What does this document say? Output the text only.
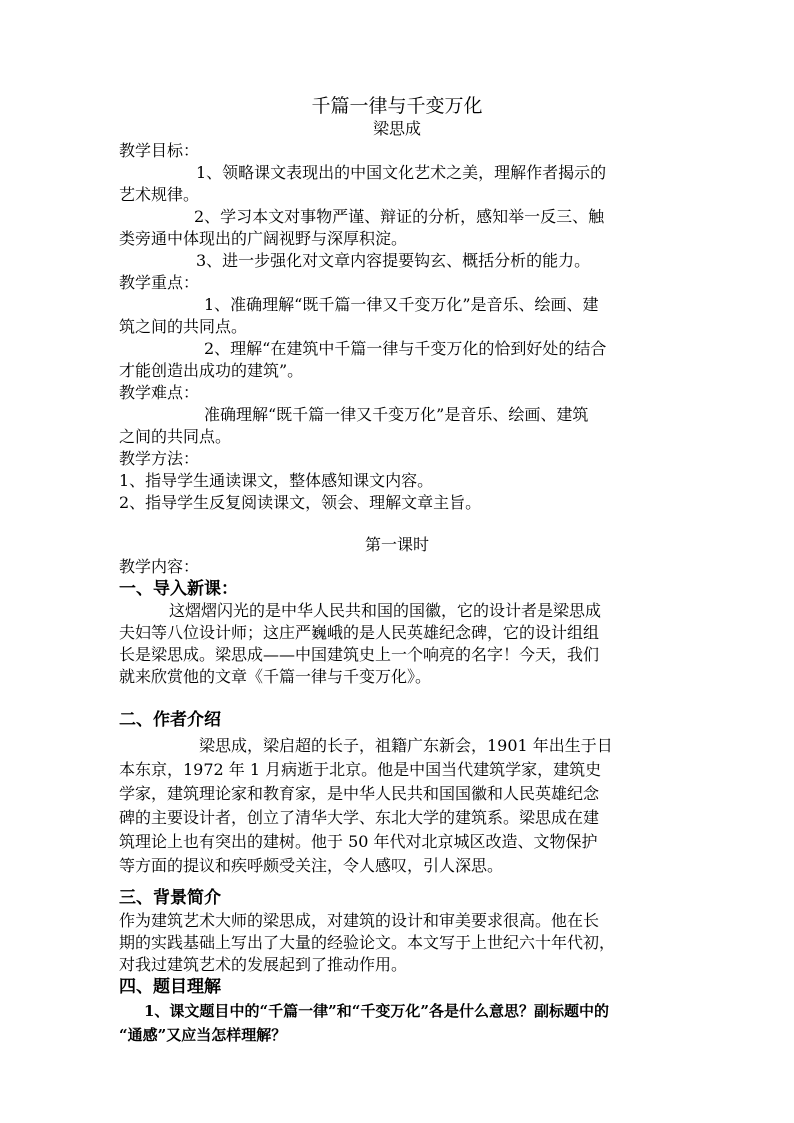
千篇一律与千变万化
梁思成
教学目标：
1、领略课文表现出的中国文化艺术之美，理解作者揭示的
艺术规律。
2、学习本文对事物严谨、辩证的分析，感知举一反三、触
类旁通中体现出的广阔视野与深厚积淀。
3、进一步强化对文章内容提要钩玄、概括分析的能力。
教学重点：
1、准确理解“既千篇一律又千变万化”是音乐、绘画、建
筑之间的共同点。
2、理解“在建筑中千篇一律与千变万化的恰到好处的结合
才能创造出成功的建筑”。
教学难点：
准确理解“既千篇一律又千变万化”是音乐、绘画、建筑
之间的共同点。
教学方法：
1、指导学生通读课文，整体感知课文内容。
2、指导学生反复阅读课文，领会、理解文章主旨。
第一课时
教学内容：
一、导入新课：
这熠熠闪光的是中华人民共和国的国徽，它的设计者是梁思成
夫妇等八位设计师；这庄严巍峨的是人民英雄纪念碑，它的设计组组
长是梁思成。梁思成——中国建筑史上一个响亮的名字！今天，我们
就来欣赏他的文章《千篇一律与千变万化》。
二、作者介绍
梁思成，梁启超的长子，祖籍广东新会，1901 年出生于日
本东京，1972 年 1 月病逝于北京。他是中国当代建筑学家，建筑史
学家，建筑理论家和教育家，是中华人民共和国国徽和人民英雄纪念
碑的主要设计者，创立了清华大学、东北大学的建筑系。梁思成在建
筑理论上也有突出的建树。他于 50 年代对北京城区改造、文物保护
等方面的提议和疾呼颇受关注，令人感叹，引人深思。
三、背景简介
作为建筑艺术大师的梁思成，对建筑的设计和审美要求很高。他在长
期的实践基础上写出了大量的经验论文。本文写于上世纪六十年代初，
对我过建筑艺术的发展起到了推动作用。
四、题目理解
1、课文题目中的“千篇一律”和“千变万化”各是什么意思？副标题中的
“通感”又应当怎样理解？
